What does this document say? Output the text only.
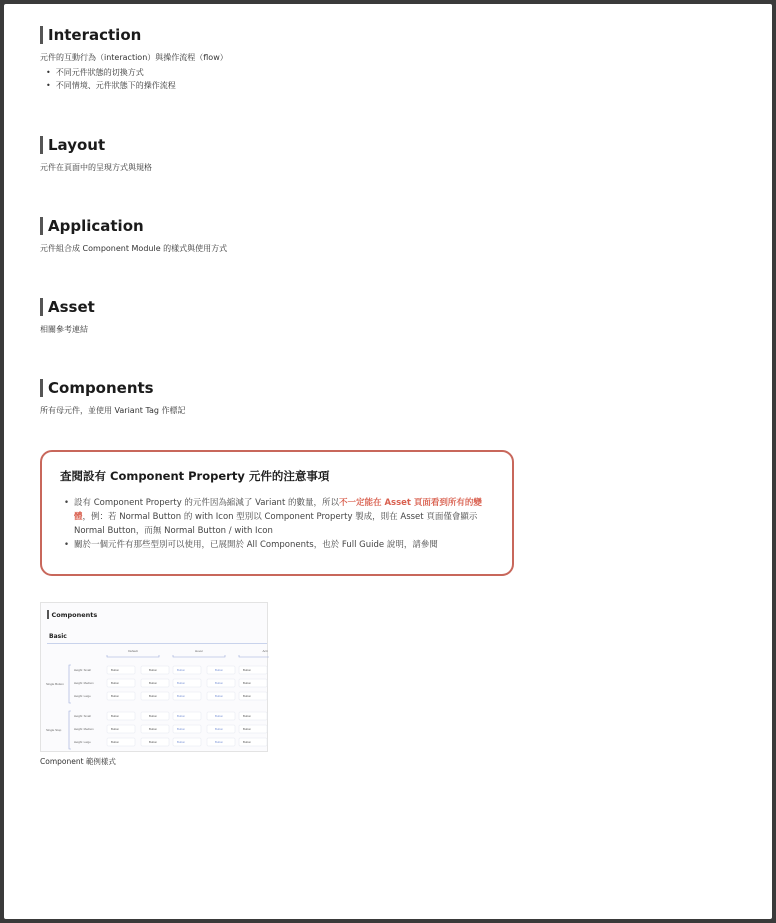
Interaction
元件的互動行為（interaction）與操作流程（flow）
• 不同元件狀態的切換方式
• 不同情境、元件狀態下的操作流程
Layout
元件在頁面中的呈現方式與規格
Application
元件組合成 Component Module 的樣式與使用方式
Asset
相關參考連結
Components
所有母元件，並使用 Variant Tag 作標記
查閱設有 Component Property 元件的注意事項
• 設有 Component Property 的元件因為縮減了 Variant 的數量，所以不一定能在 Asset 頁面看到所有的變體，例：若 Normal Button 的 with Icon 型別以 Component Property 製成，則在 Asset 頁面僅會顯示 Normal Button，而無 Normal Button / with Icon
• 關於一個元件有那些型別可以使用，已展開於 All Components，也於 Full Guide 說明，請參閱
Components
Basic
Default	Hover	Acti
Single Button
Height: Small	Button	Button	Button	Button	Button
Height: Medium	Button	Button	Button	Button	Button
Height: Large	Button	Button	Button	Button	Button
Single Stop
Height: Small	Button	Button	Button	Button	Button
Height: Medium	Button	Button	Button	Button	Button
Height: Large	Button	Button	Button	Button	Button
Component 範例樣式
